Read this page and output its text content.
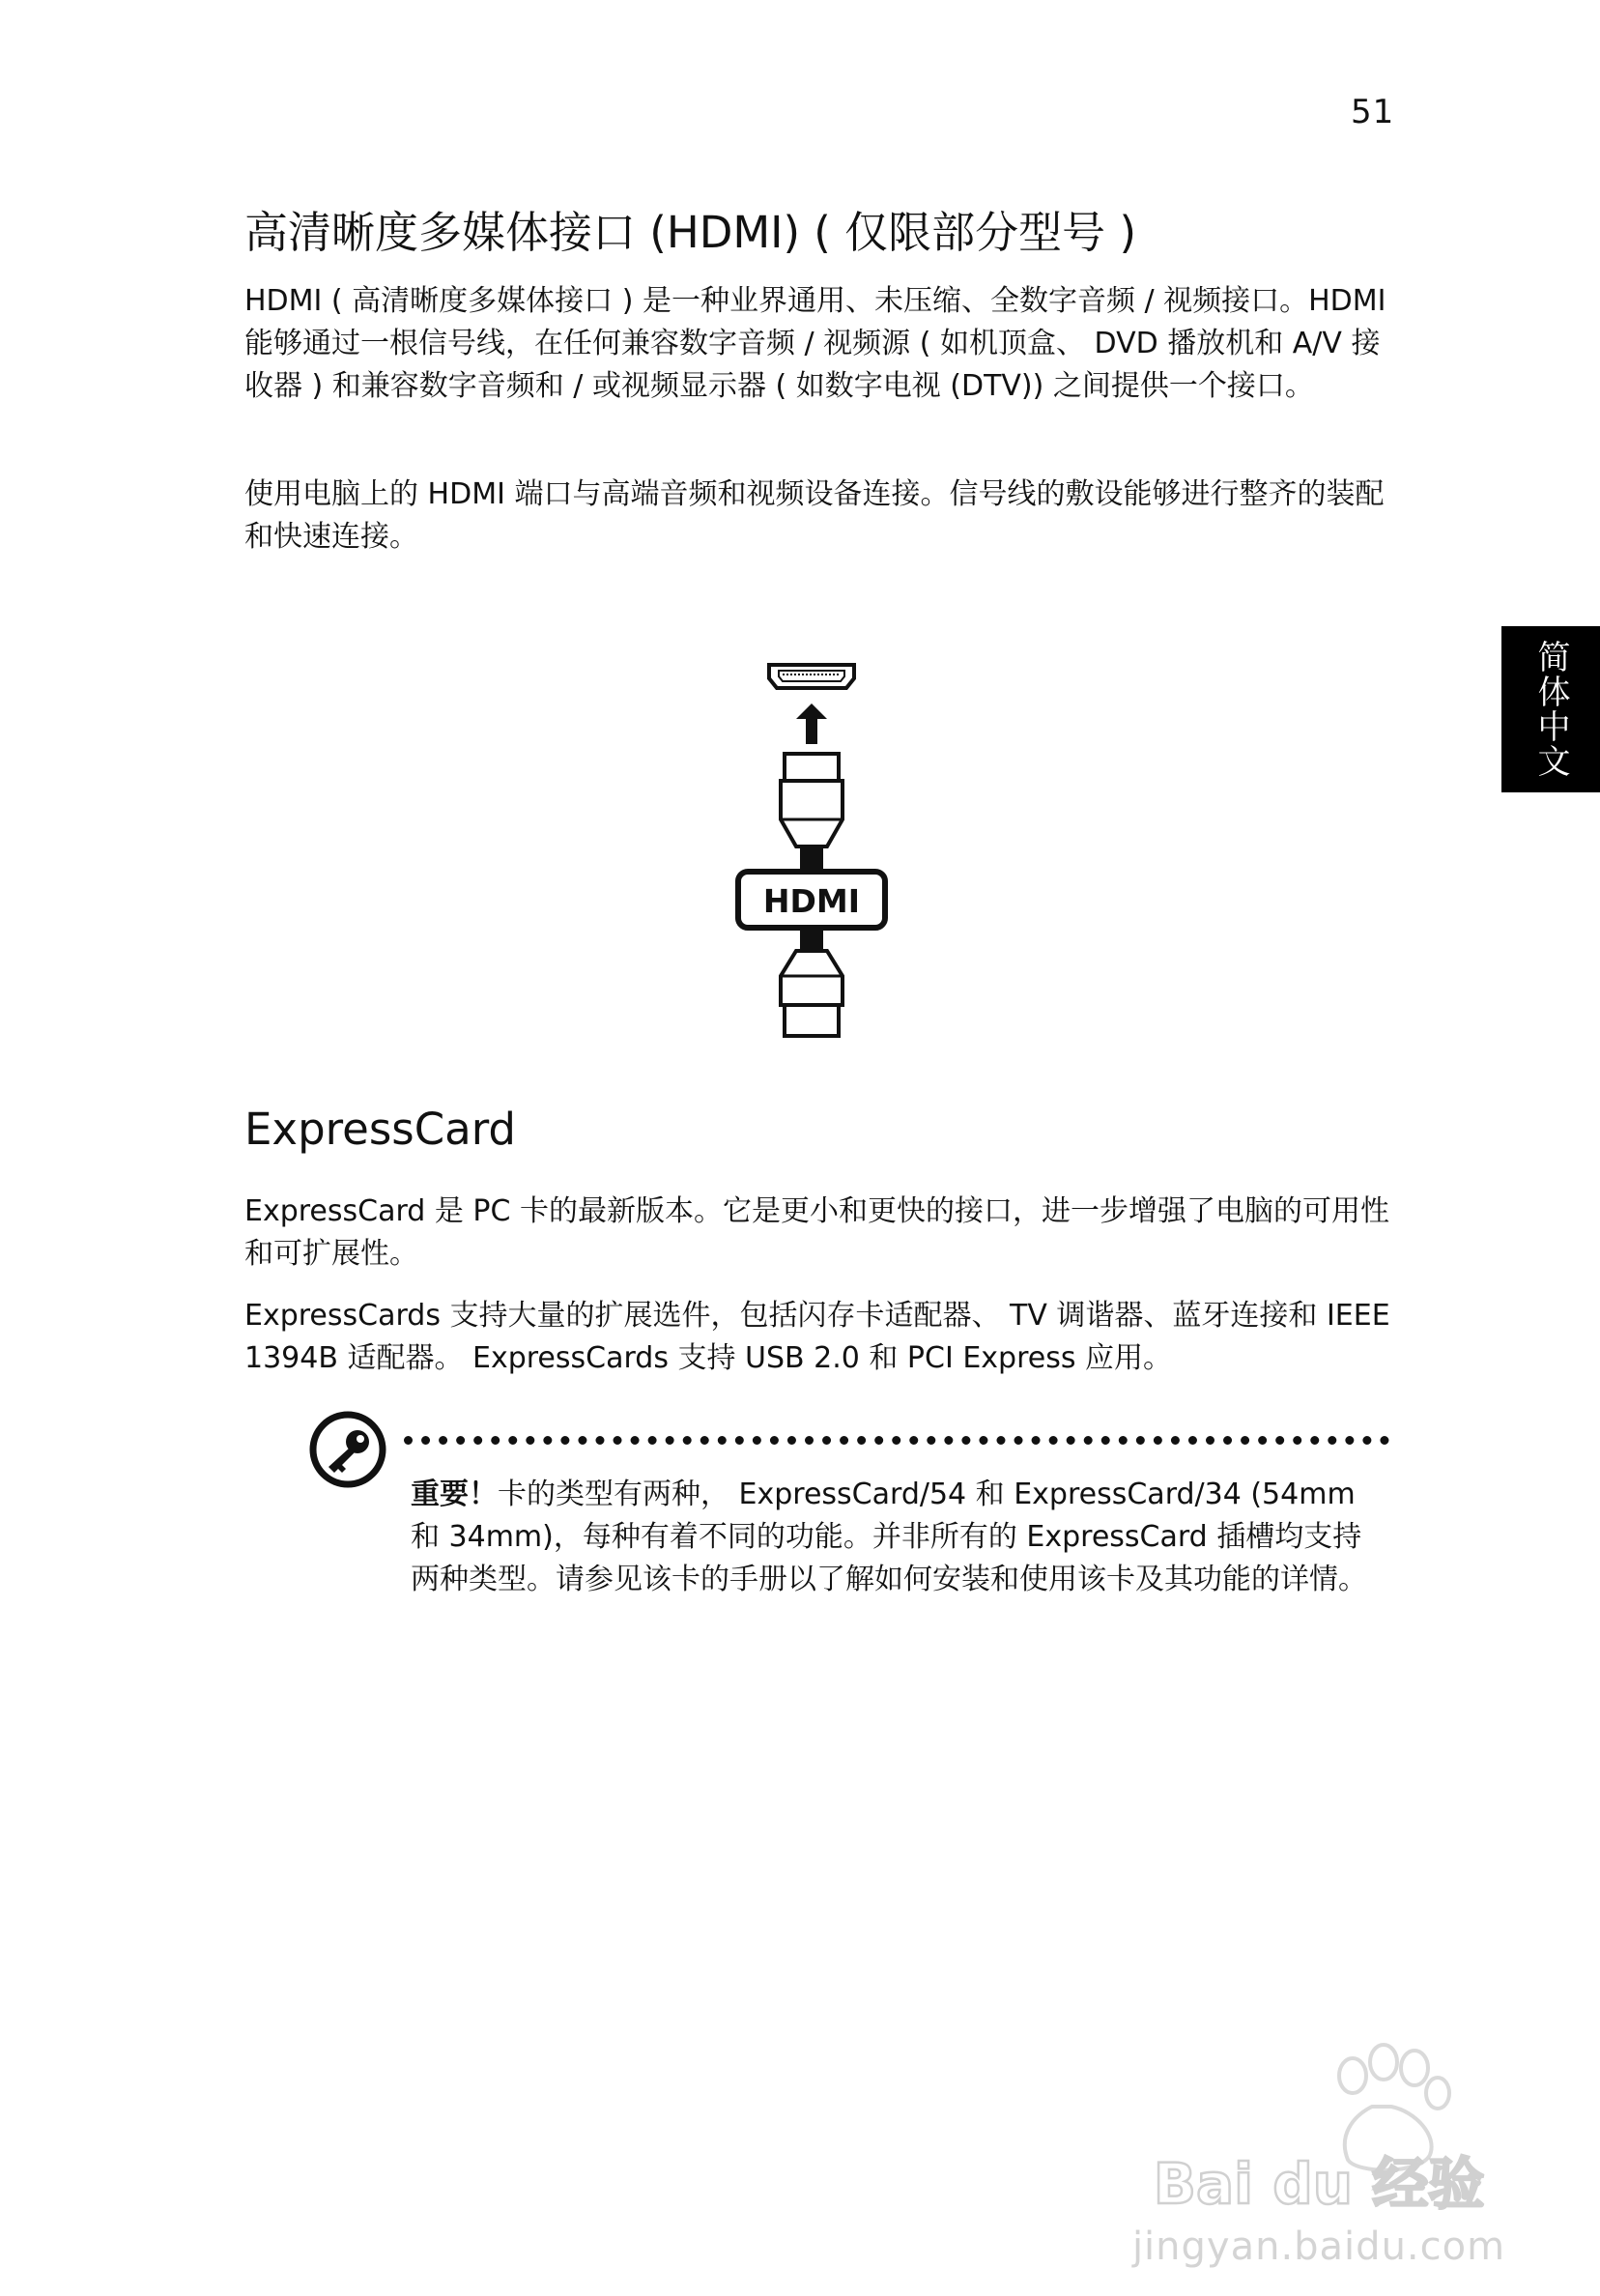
51
简体中文
高清晰度多媒体接口 (HDMI) ( 仅限部分型号 )

HDMI ( 高清晰度多媒体接口 ) 是一种业界通用、未压缩、全数字音频 / 视频接口。HDMI 能够通过一根信号线，在任何兼容数字音频 / 视频源 ( 如机顶盒、 DVD 播放机和 A/V 接收器 ) 和兼容数字音频和 / 或视频显示器 ( 如数字电视 (DTV)) 之间提供一个接口。

使用电脑上的 HDMI 端口与高端音频和视频设备连接。信号线的敷设能够进行整齐的装配和快速连接。

HDMI
ExpressCard

ExpressCard 是 PC 卡的最新版本。它是更小和更快的接口，进一步增强了电脑的可用性和可扩展性。

ExpressCards 支持大量的扩展选件，包括闪存卡适配器、 TV 调谐器、蓝牙连接和 IEEE 1394B 适配器。 ExpressCards 支持 USB 2.0 和 PCI Express 应用。

重要！卡的类型有两种， ExpressCard/54 和 ExpressCard/34 (54mm 和 34mm)，每种有着不同的功能。并非所有的 ExpressCard 插槽均支持两种类型。请参见该卡的手册以了解如何安装和使用该卡及其功能的详情。

Bai du 经验
jingyan.baidu.com
